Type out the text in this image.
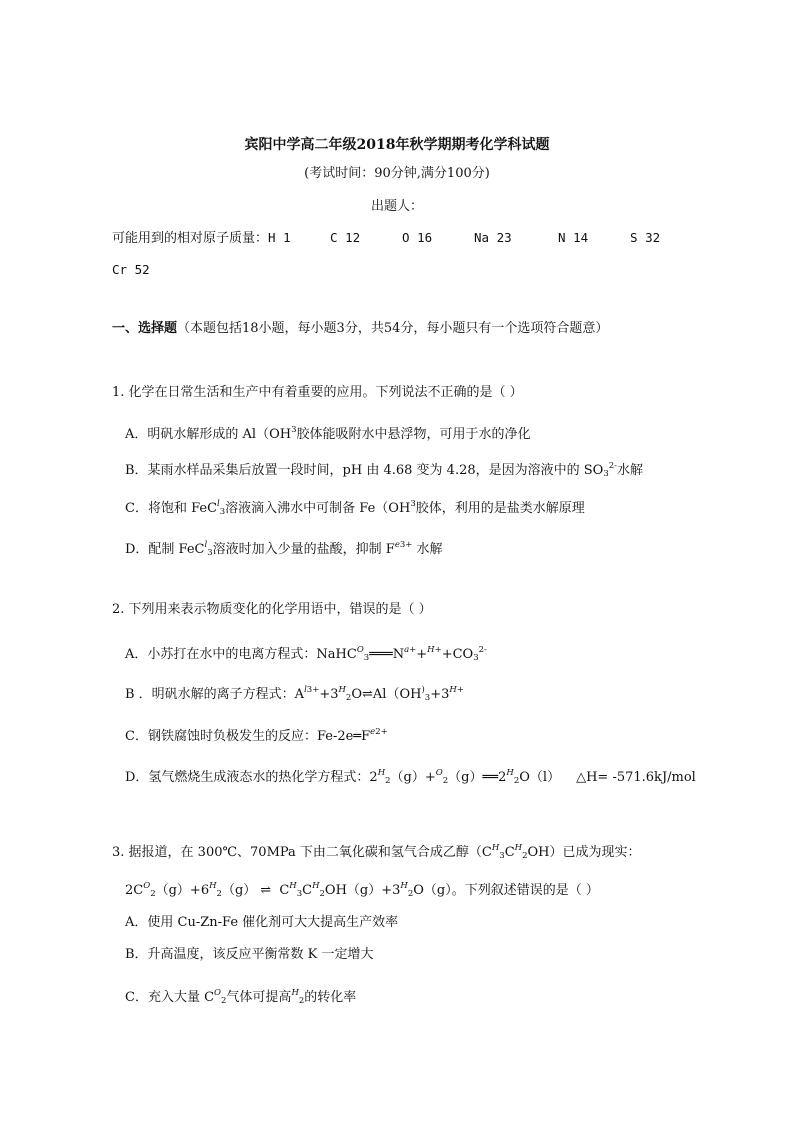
宾阳中学高二年级2018年秋学期期考化学科试题
(考试时间：90分钟,满分100分)
出题人：
可能用到的相对原子质量：H 1	C 12	O 16	Na 23	N 14	S 32
Cr 52
一、选择题（本题包括18小题，每小题3分，共54分，每小题只有一个选项符合题意）
1. 化学在日常生活和生产中有着重要的应用。下列说法不正确的是（ ）
A．明矾水解形成的 $Al(OH^3$胶体能吸附水中悬浮物，可用于水的净化
B．某雨水样品采集后放置一段时间，pH 由 4.68 变为 4.28，是因为溶液中的 $SO_3^{2-}$水解
C．将饱和 FeC$^l_3$溶液滴入沸水中可制备 $Fe(OH^3$胶体，利用的是盐类水解原理
D．配制 FeC$^l_3$溶液时加入少量的盐酸，抑制 $F^{e3+}$ 水解
2. 下列用来表示物质变化的化学用语中，错误的是（ ）
A．小苏打在水中的电离方程式：$NaHC^O_3═══N^{a+}+^{H+}+CO_3^{2-}$
B ．明矾水解的离子方程式：$A^{l3+}+3^H_2O\rightleftharpoons Al(OH^)_3+3^{H+}$
C．钢铁腐蚀时负极发生的反应：$Fe-2e═F^{e2+}$
D．氢气燃烧生成液态水的热化学方程式：$2^H_2(g)+^O_2(g)══2^H_2O(l)$ △H= -571.6kJ/mol
3. 据报道，在 300℃、70MPa 下由二氧化碳和氢气合成乙醇$(C^H_3C^H_2OH)$已成为现实：
$2C^O_2(g)+6^H_2(g)$ ⇌ $C^H_3C^H_2OH(g)+3^H_2O(g)$。下列叙述错误的是（ ）
A．使用 Cu-Zn-Fe 催化剂可大大提高生产效率
B．升高温度，该反应平衡常数 K 一定增大
C．充入大量 $C^O_2$气体可提高$^H_2$的转化率
